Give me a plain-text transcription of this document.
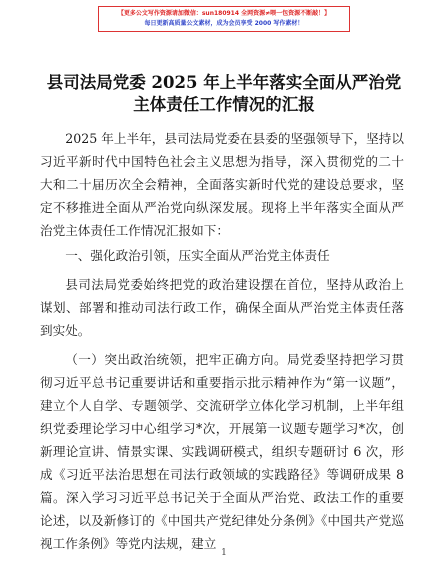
【更多公文写作资源请加微信：sun180914 全网资源≠喂一包资源不断敲！】
每日更新高质量公文素材，成为会员享受 2000 写作素材！
县司法局党委 2025 年上半年落实全面从严治党
主体责任工作情况的汇报

2025 年上半年，县司法局党委在县委的坚强领导下，坚持以习近平新时代中国特色社会主义思想为指导，深入贯彻党的二十大和二十届历次全会精神，全面落实新时代党的建设总要求，坚定不移推进全面从严治党向纵深发展。现将上半年落实全面从严治党主体责任工作情况汇报如下：

一、强化政治引领，压实全面从严治党主体责任

县司法局党委始终把党的政治建设摆在首位，坚持从政治上谋划、部署和推动司法行政工作，确保全面从严治党主体责任落到实处。

（一）突出政治统领，把牢正确方向。局党委坚持把学习贯彻习近平总书记重要讲话和重要指示批示精神作为“第一议题”，建立个人自学、专题领学、交流研学立体化学习机制，上半年组织党委理论学习中心组学习*次，开展第一议题专题学习*次，创新理论宣讲、情景实课、实践调研模式，组织专题研讨 6 次，形成《习近平法治思想在司法行政领域的实践路径》等调研成果 8 篇。深入学习习近平总书记关于全面从严治党、政法工作的重要论述，以及新修订的《中国共产党纪律处分条例》《中国共产党巡视工作条例》等党内法规，建立

1
